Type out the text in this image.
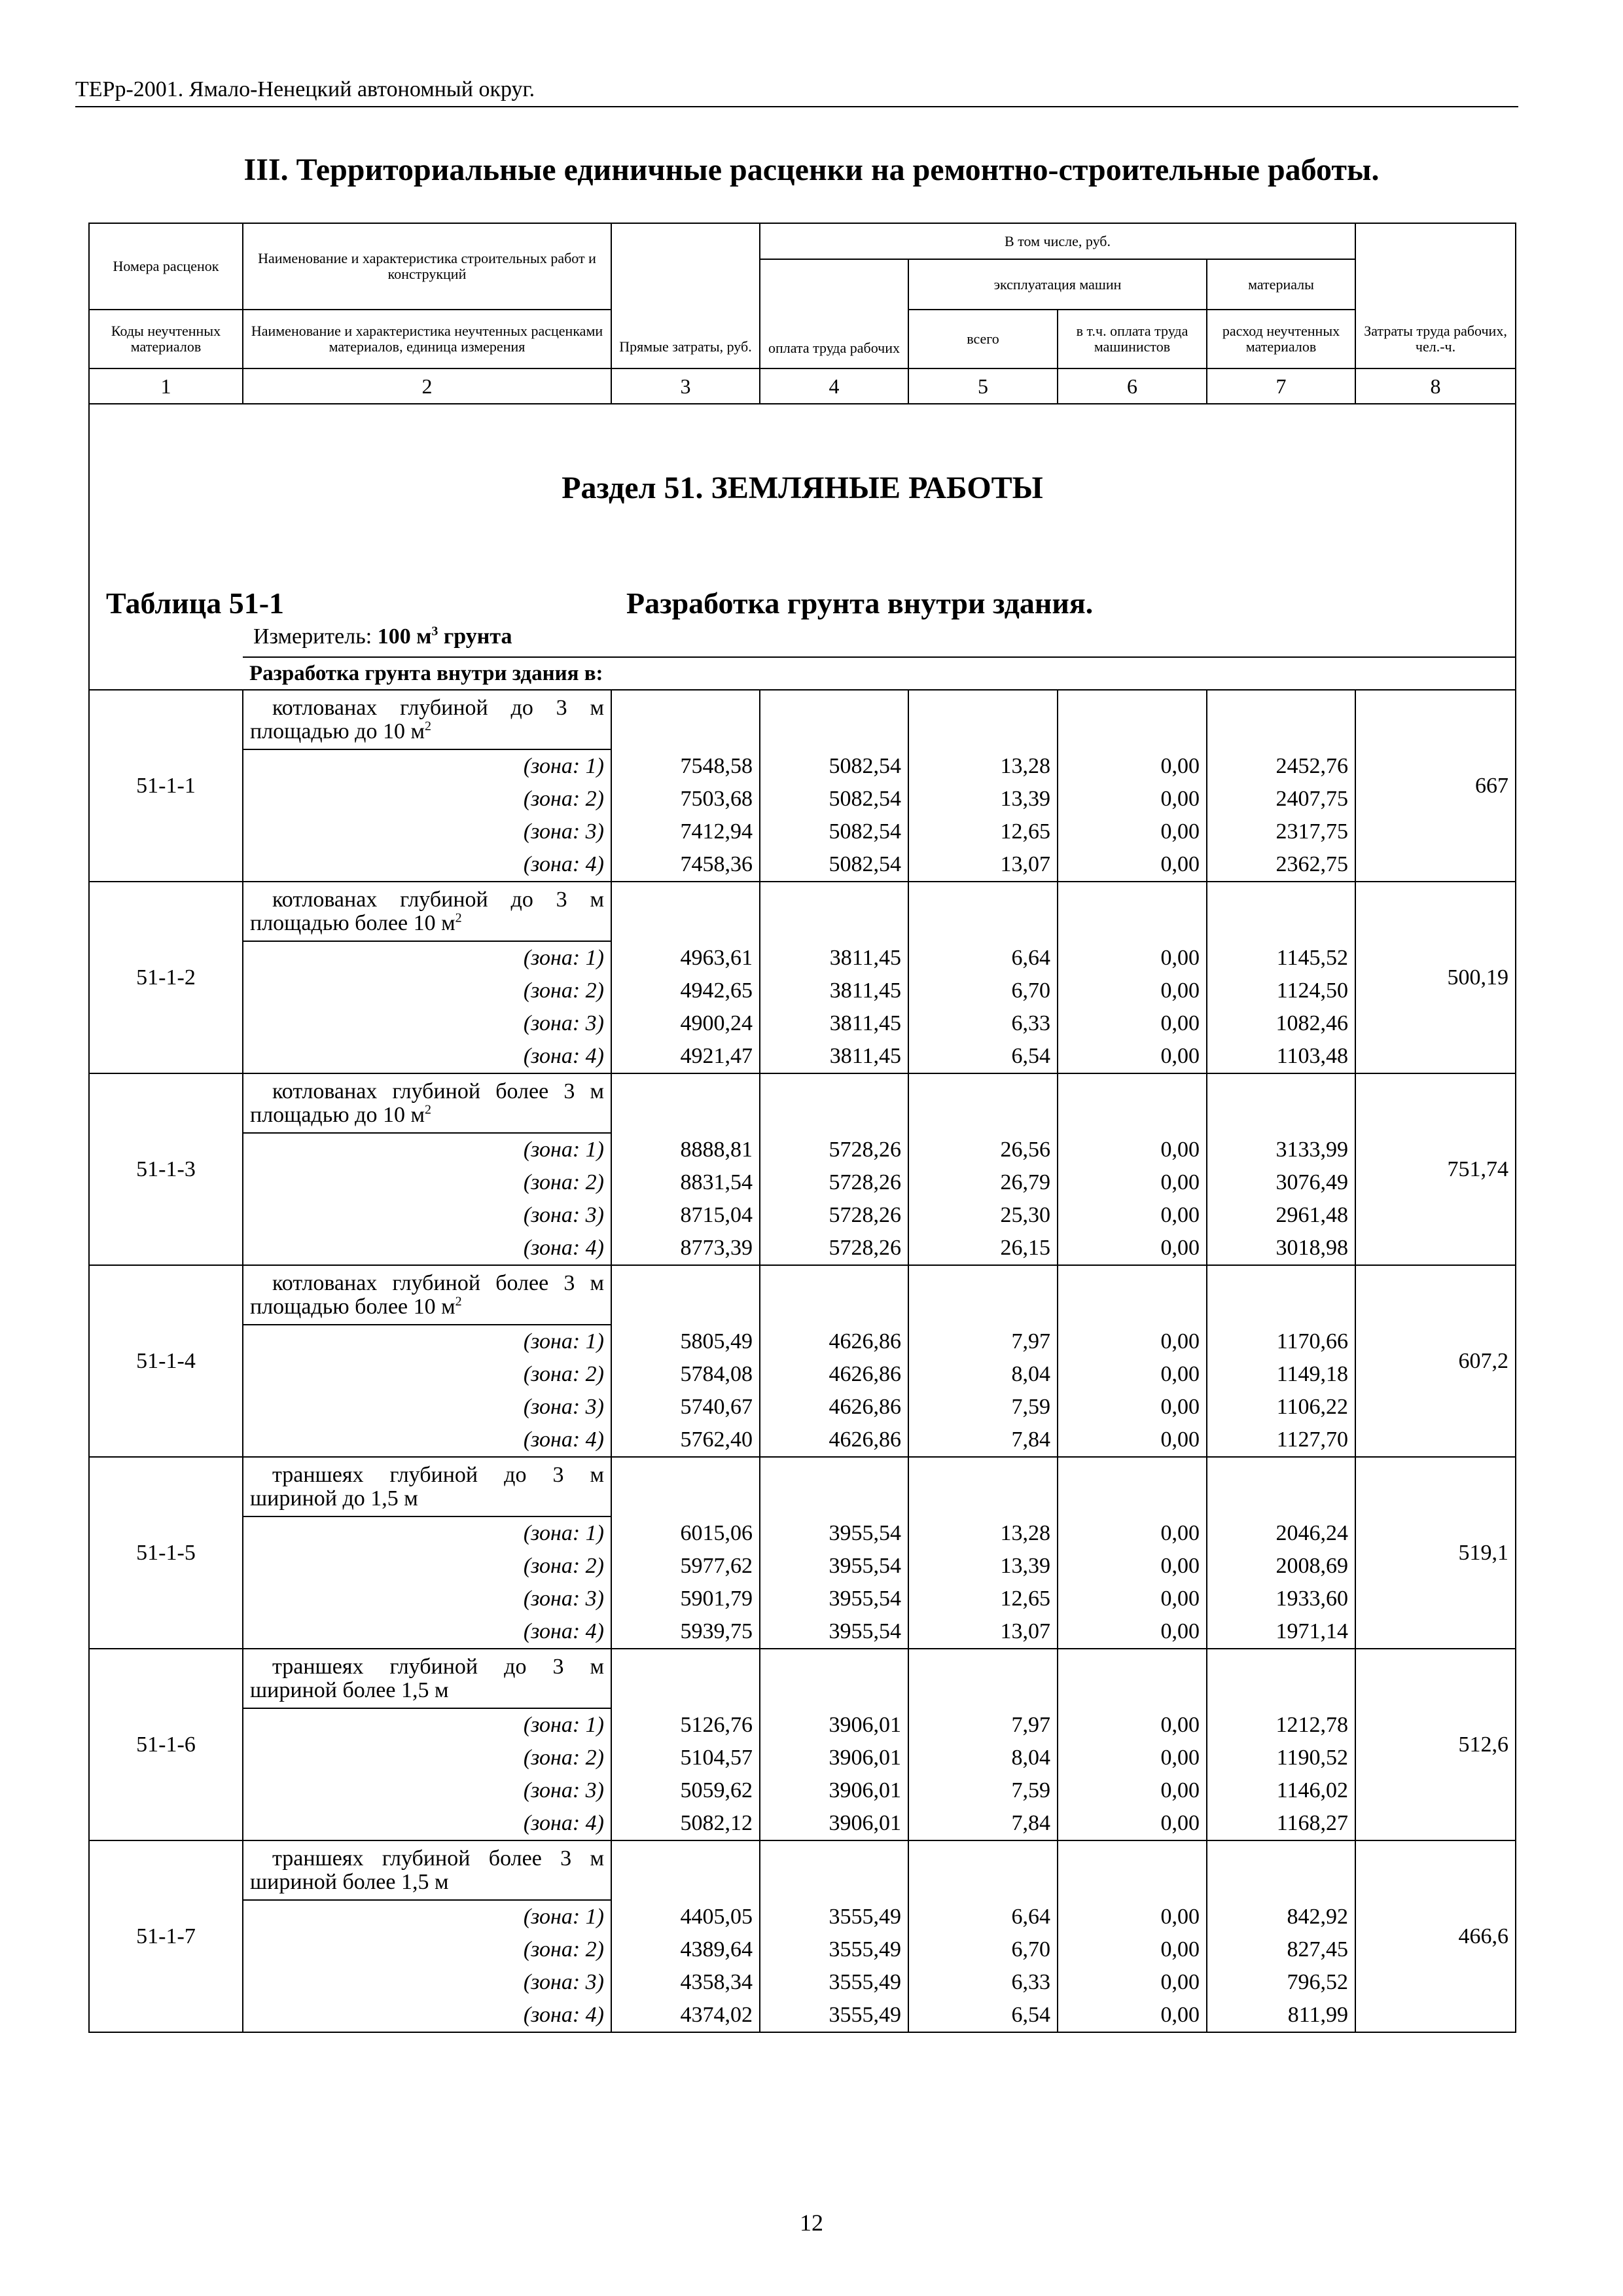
ТЕРр-2001. Ямало-Ненецкий автономный округ.
III. Территориальные единичные расценки на ремонтно-строительные работы.
Номера расценок	Наименование и характеристика строительных работ и конструкций	Прямые затраты, руб.	В том числе, руб.				Затраты труда рабочих, чел.-ч.
			оплата труда рабочих	эксплуатация машин		материалы	
Коды неучтенных материалов	Наименование и характеристика неучтенных расценками материалов, единица измерения			всего	в т.ч. оплата труда машинистов	расход неучтенных материалов	
1	2	3	4	5	6	7	8

Раздел 51. ЗЕМЛЯНЫЕ РАБОТЫ
Таблица 51-1 Разработка грунта внутри здания.
Измеритель: 100 $м^3$ грунта							

	Разработка грунта внутри здания в:						
51-1-1	котлованах глубиной до 3 м площадью до 10 $м^2$						667
	(зона: 1)	7548,58	5082,54	13,28	0,00	2452,76	
	(зона: 2)	7503,68	5082,54	13,39	0,00	2407,75	
	(зона: 3)	7412,94	5082,54	12,65	0,00	2317,75	
	(зона: 4)	7458,36	5082,54	13,07	0,00	2362,75	
51-1-2	котлованах глубиной до 3 м площадью более 10 $м^2$						500,19
	(зона: 1)	4963,61	3811,45	6,64	0,00	1145,52	
	(зона: 2)	4942,65	3811,45	6,70	0,00	1124,50	
	(зона: 3)	4900,24	3811,45	6,33	0,00	1082,46	
	(зона: 4)	4921,47	3811,45	6,54	0,00	1103,48	
51-1-3	котлованах глубиной более 3 м площадью до 10 $м^2$						751,74
	(зона: 1)	8888,81	5728,26	26,56	0,00	3133,99	
	(зона: 2)	8831,54	5728,26	26,79	0,00	3076,49	
	(зона: 3)	8715,04	5728,26	25,30	0,00	2961,48	
	(зона: 4)	8773,39	5728,26	26,15	0,00	3018,98	
51-1-4	котлованах глубиной более 3 м площадью более 10 $м^2$						607,2
	(зона: 1)	5805,49	4626,86	7,97	0,00	1170,66	
	(зона: 2)	5784,08	4626,86	8,04	0,00	1149,18	
	(зона: 3)	5740,67	4626,86	7,59	0,00	1106,22	
	(зона: 4)	5762,40	4626,86	7,84	0,00	1127,70	
51-1-5	траншеях глубиной до 3 м шириной до 1,5 м						519,1
	(зона: 1)	6015,06	3955,54	13,28	0,00	2046,24	
	(зона: 2)	5977,62	3955,54	13,39	0,00	2008,69	
	(зона: 3)	5901,79	3955,54	12,65	0,00	1933,60	
	(зона: 4)	5939,75	3955,54	13,07	0,00	1971,14	
51-1-6	траншеях глубиной до 3 м шириной более 1,5 м						512,6
	(зона: 1)	5126,76	3906,01	7,97	0,00	1212,78	
	(зона: 2)	5104,57	3906,01	8,04	0,00	1190,52	
	(зона: 3)	5059,62	3906,01	7,59	0,00	1146,02	
	(зона: 4)	5082,12	3906,01	7,84	0,00	1168,27	
51-1-7	траншеях глубиной более 3 м шириной более 1,5 м						466,6
	(зона: 1)	4405,05	3555,49	6,64	0,00	842,92	
	(зона: 2)	4389,64	3555,49	6,70	0,00	827,45	
	(зона: 3)	4358,34	3555,49	6,33	0,00	796,52	
	(зона: 4)	4374,02	3555,49	6,54	0,00	811,99	
12
